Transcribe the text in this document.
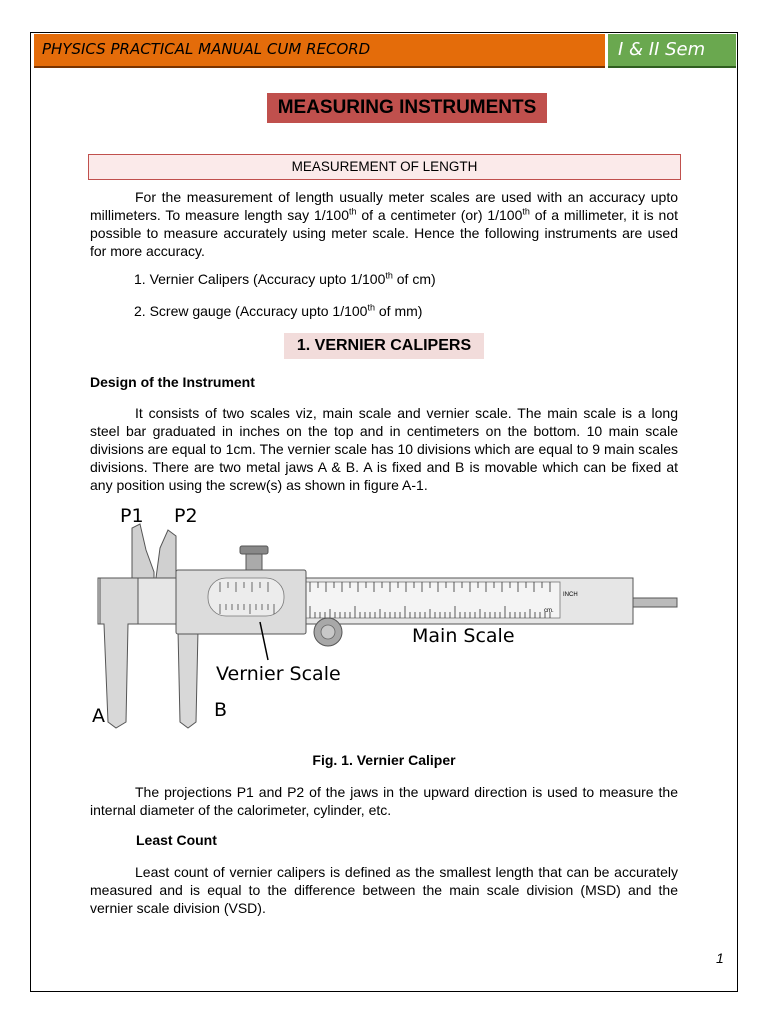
PHYSICS PRACTICAL MANUAL CUM RECORD	I & II Sem
MEASURING INSTRUMENTS
MEASUREMENT OF LENGTH
For the measurement of length usually meter scales are used with an accuracy upto millimeters. To measure length say 1/100th of a centimeter (or) 1/100th of a millimeter, it is not possible to measure accurately using meter scale. Hence the following instruments are used for more accuracy.
1. Vernier Calipers (Accuracy upto 1/100th of cm)
2. Screw gauge (Accuracy upto 1/100th of mm)
1. VERNIER CALIPERS
Design of the Instrument
It consists of two scales viz, main scale and vernier scale. The main scale is a long steel bar graduated in inches on the top and in centimeters on the bottom. 10 main scale divisions are equal to 1cm. The vernier scale has 10 divisions which are equal to 9 main scales divisions. There are two metal jaws A & B. A is fixed and B is movable which can be fixed at any position using the screw(s) as shown in figure A-1.
INCH
cm.
P1 P2
A	B
Main Scale
Vernier Scale
Fig. 1. Vernier Caliper
The projections P1 and P2 of the jaws in the upward direction is used to measure the internal diameter of the calorimeter, cylinder, etc.
Least Count
Least count of vernier calipers is defined as the smallest length that can be accurately measured and is equal to the difference between the main scale division (MSD) and the vernier scale division (VSD).
1
